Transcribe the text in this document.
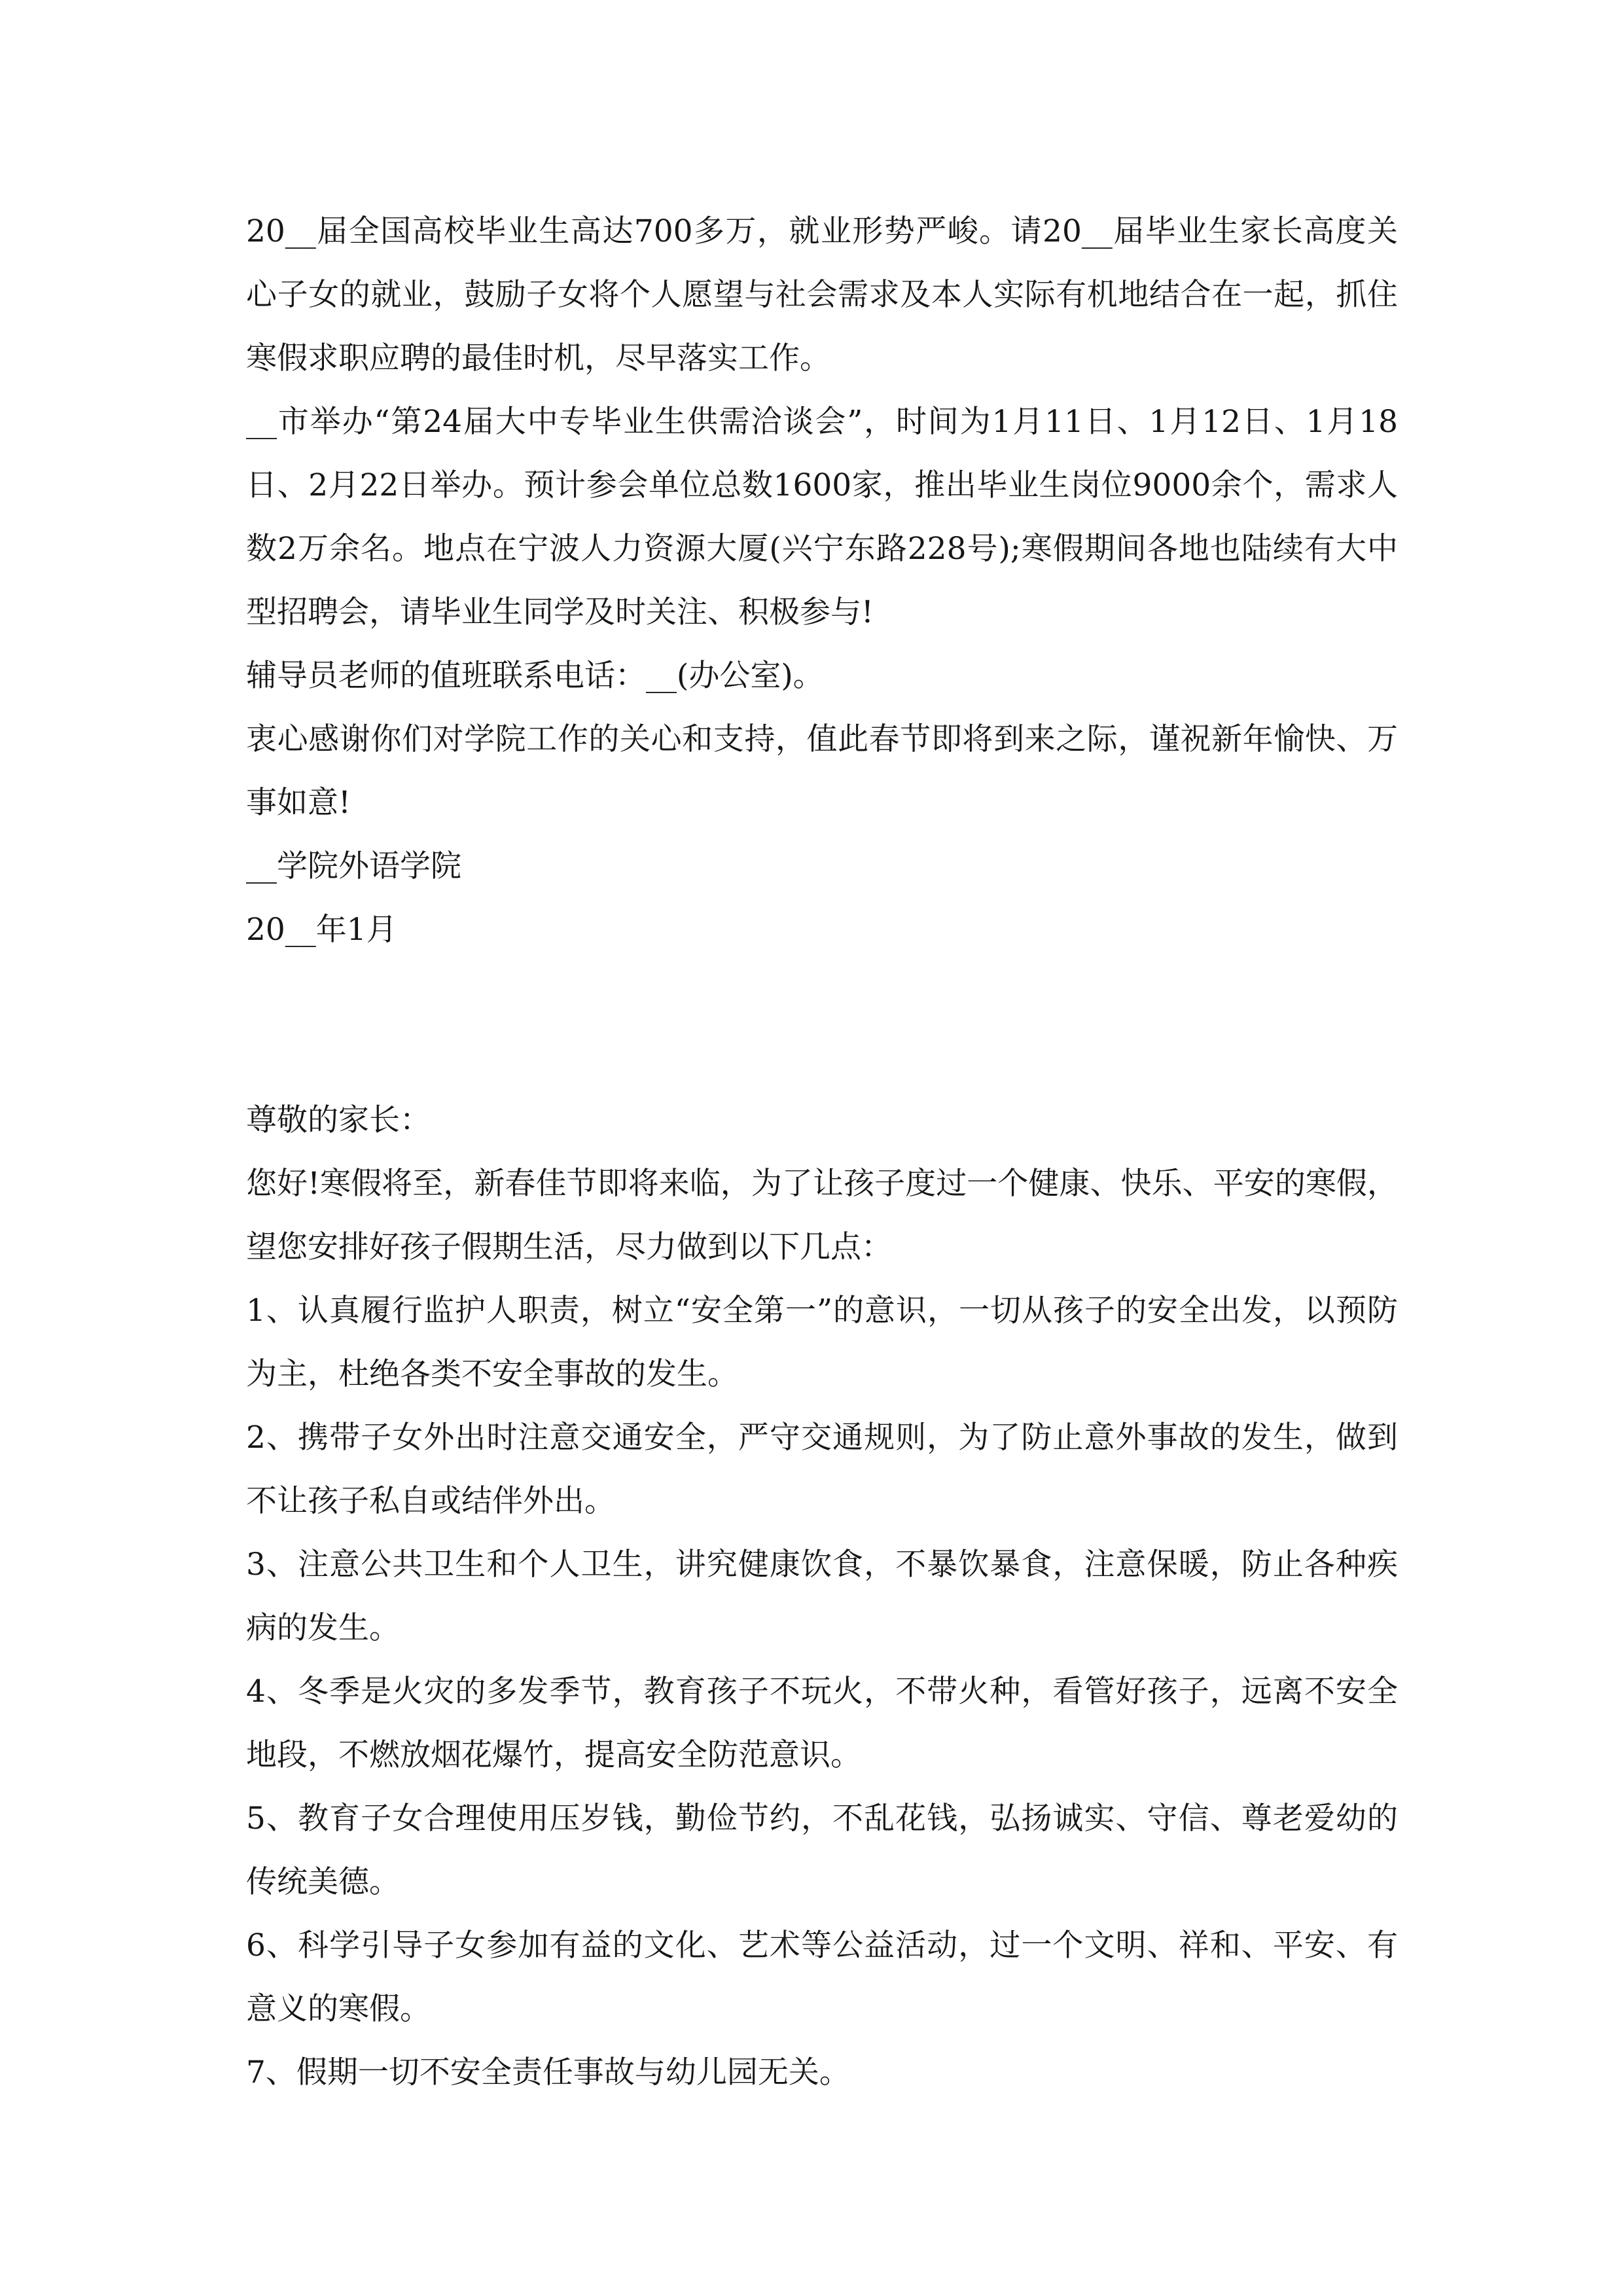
20__届全国高校毕业生高达700多万，就业形势严峻。请20__届毕业生家长高度关心子女的就业，鼓励子女将个人愿望与社会需求及本人实际有机地结合在一起，抓住寒假求职应聘的最佳时机，尽早落实工作。

__市举办“第24届大中专毕业生供需洽谈会”，时间为1月11日、1月12日、1月18日、2月22日举办。预计参会单位总数1600家，推出毕业生岗位9000余个，需求人数2万余名。地点在宁波人力资源大厦(兴宁东路228号);寒假期间各地也陆续有大中型招聘会，请毕业生同学及时关注、积极参与!

辅导员老师的值班联系电话：__(办公室)。

衷心感谢你们对学院工作的关心和支持，值此春节即将到来之际，谨祝新年愉快、万事如意!

__学院外语学院

20__年1月

尊敬的家长：

您好!寒假将至，新春佳节即将来临，为了让孩子度过一个健康、快乐、平安的寒假，望您安排好孩子假期生活，尽力做到以下几点：

1、认真履行监护人职责，树立“安全第一”的意识，一切从孩子的安全出发，以预防为主，杜绝各类不安全事故的发生。

2、携带子女外出时注意交通安全，严守交通规则，为了防止意外事故的发生，做到不让孩子私自或结伴外出。

3、注意公共卫生和个人卫生，讲究健康饮食，不暴饮暴食，注意保暖，防止各种疾病的发生。

4、冬季是火灾的多发季节，教育孩子不玩火，不带火种，看管好孩子，远离不安全地段，不燃放烟花爆竹，提高安全防范意识。

5、教育子女合理使用压岁钱，勤俭节约，不乱花钱，弘扬诚实、守信、尊老爱幼的传统美德。

6、科学引导子女参加有益的文化、艺术等公益活动，过一个文明、祥和、平安、有意义的寒假。

7、假期一切不安全责任事故与幼儿园无关。
